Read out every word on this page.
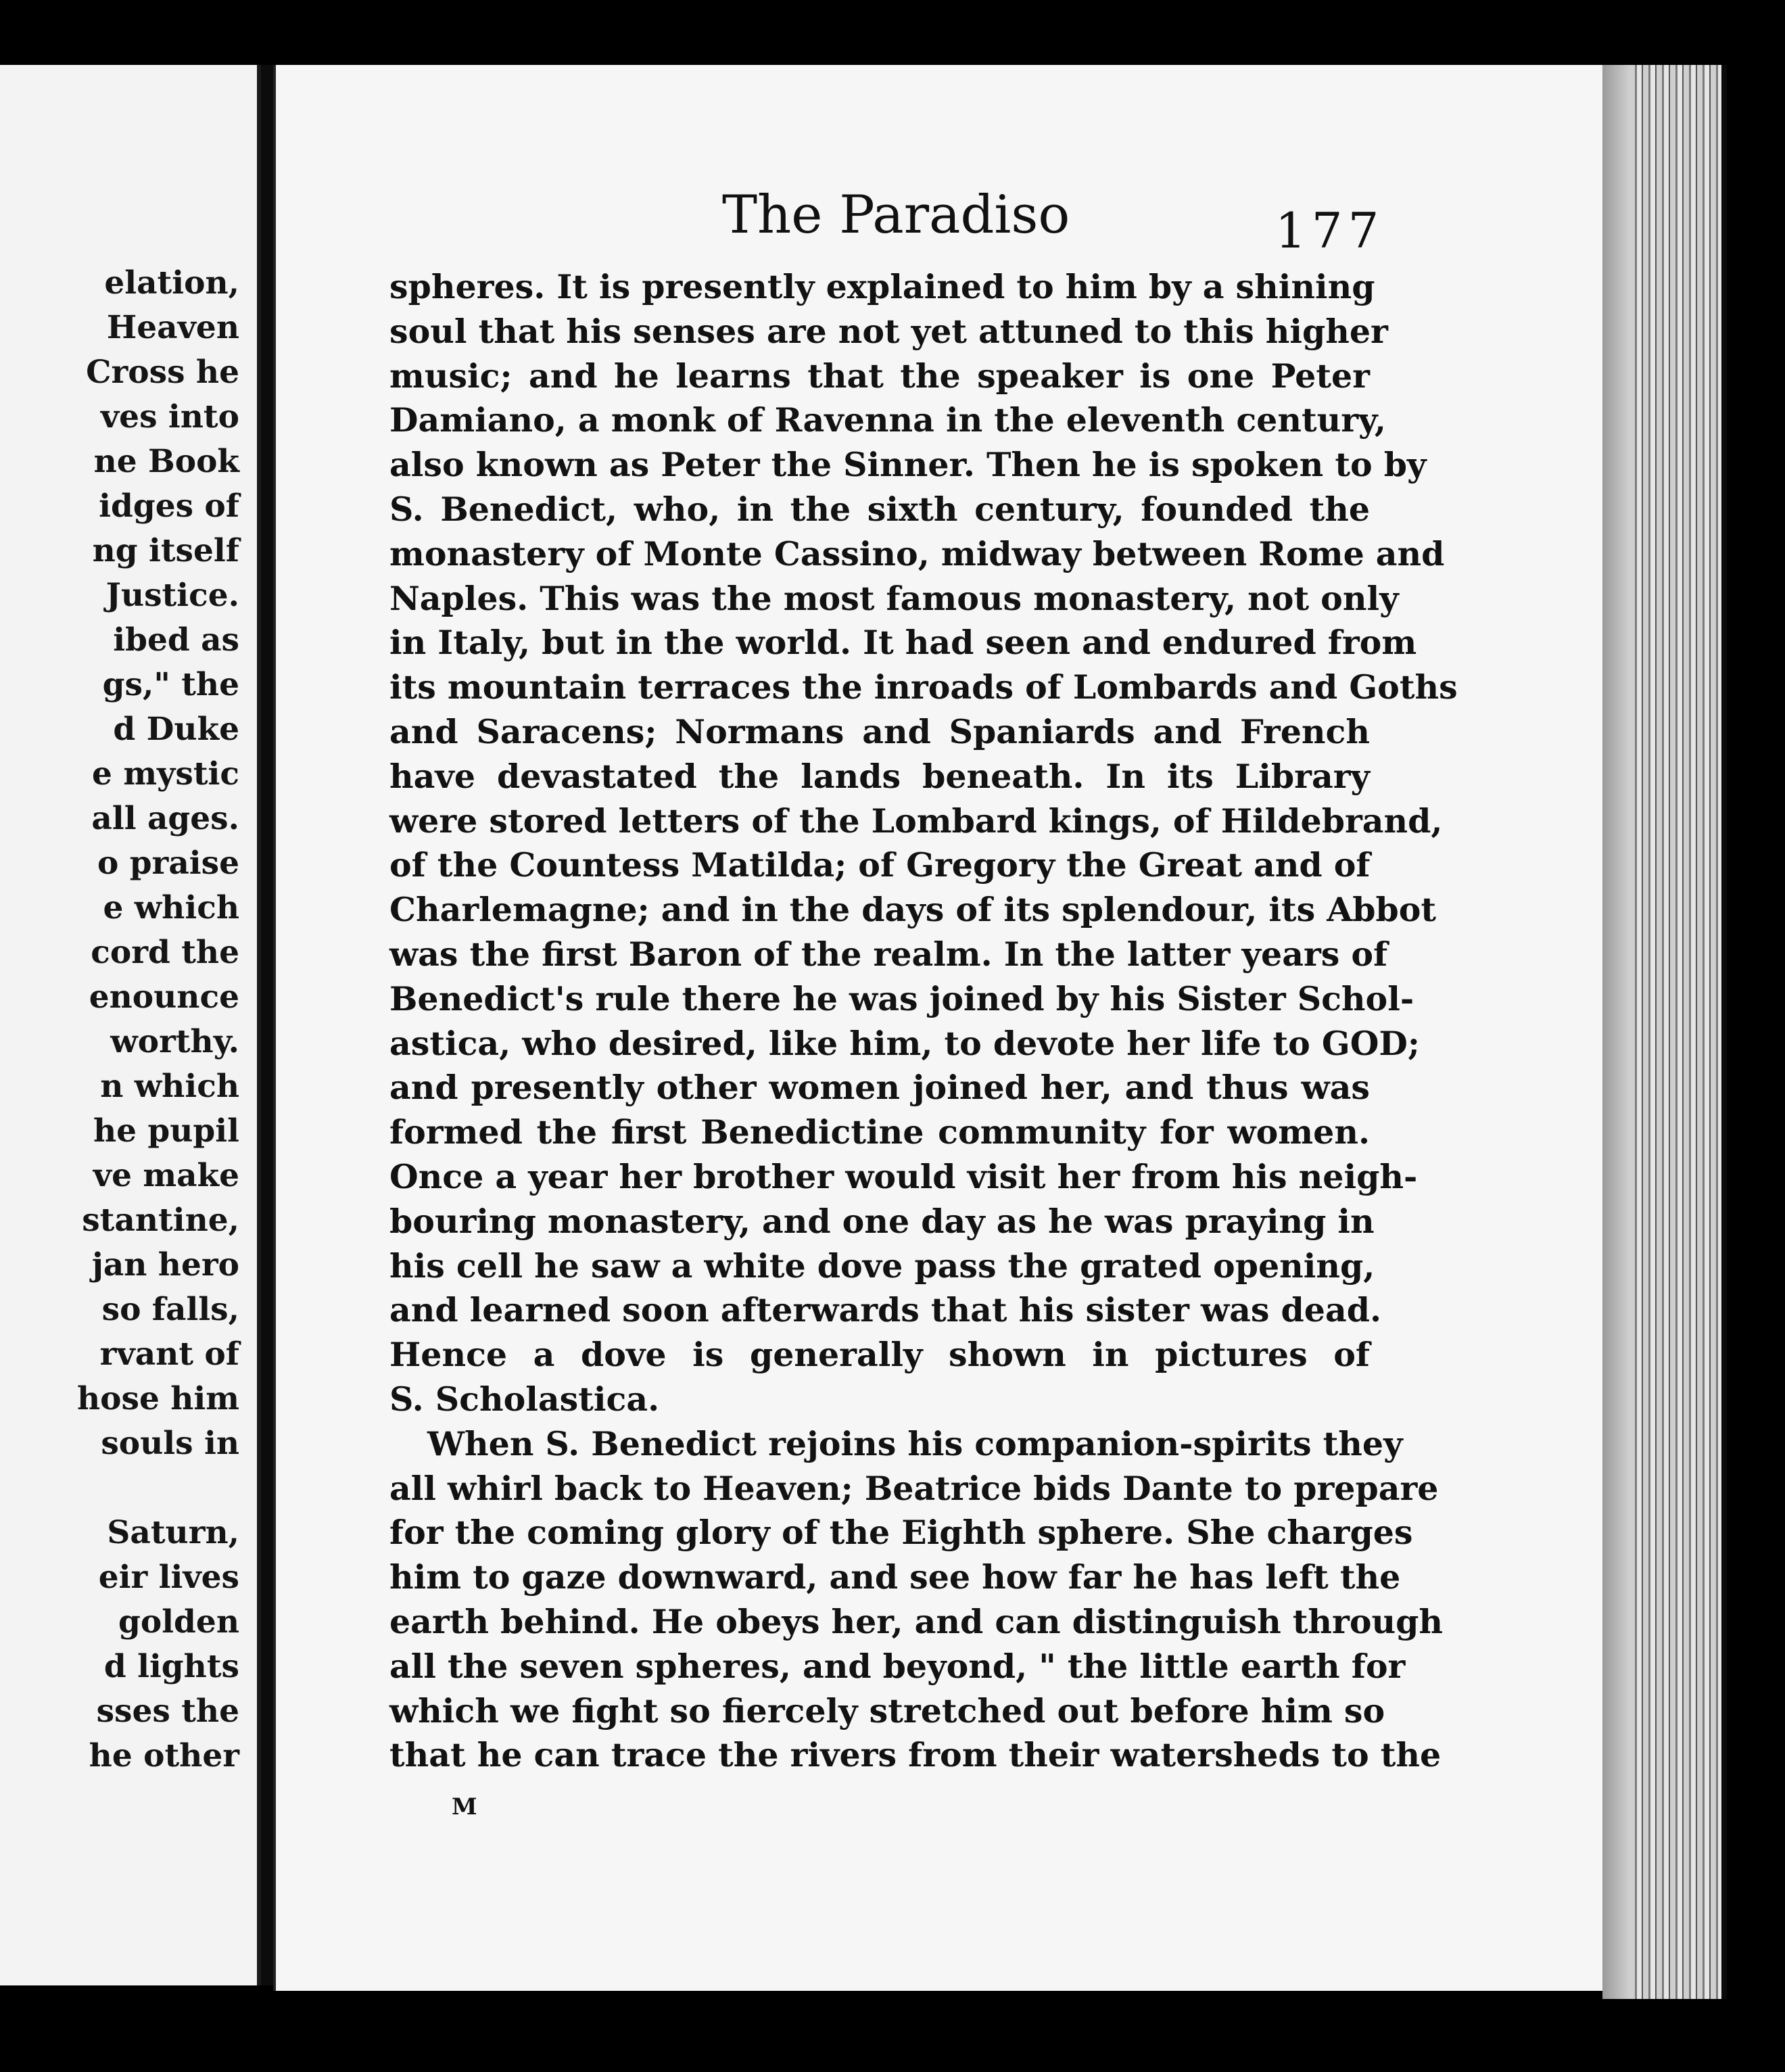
elation,
Heaven
Cross he
ves into
ne Book
idges of
ng itself
Justice.
ibed as
gs," the
d Duke
e mystic
all ages.
o praise
e which
cord the
enounce
worthy.
n which
he pupil
ve make
stantine,
jan hero
so falls,
rvant of
hose him
souls in
Saturn,
eir lives
golden
d lights
sses the
he other
The Paradiso	177
spheres. It is presently explained to him by a shining
soul that his senses are not yet attuned to this higher
music; and he learns that the speaker is one Peter
Damiano, a monk of Ravenna in the eleventh century,
also known as Peter the Sinner. Then he is spoken to by
S. Benedict, who, in the sixth century, founded the
monastery of Monte Cassino, midway between Rome and
Naples. This was the most famous monastery, not only
in Italy, but in the world. It had seen and endured from
its mountain terraces the inroads of Lombards and Goths
and Saracens; Normans and Spaniards and French
have devastated the lands beneath. In its Library
were stored letters of the Lombard kings, of Hildebrand,
of the Countess Matilda; of Gregory the Great and of
Charlemagne; and in the days of its splendour, its Abbot
was the first Baron of the realm. In the latter years of
Benedict's rule there he was joined by his Sister Schol-
astica, who desired, like him, to devote her life to GOD;
and presently other women joined her, and thus was
formed the first Benedictine community for women.
Once a year her brother would visit her from his neigh-
bouring monastery, and one day as he was praying in
his cell he saw a white dove pass the grated opening,
and learned soon afterwards that his sister was dead.
Hence a dove is generally shown in pictures of
S. Scholastica.
When S. Benedict rejoins his companion-spirits they
all whirl back to Heaven; Beatrice bids Dante to prepare
for the coming glory of the Eighth sphere. She charges
him to gaze downward, and see how far he has left the
earth behind. He obeys her, and can distinguish through
all the seven spheres, and beyond, " the little earth for
which we fight so fiercely stretched out before him so
that he can trace the rivers from their watersheds to the
M
